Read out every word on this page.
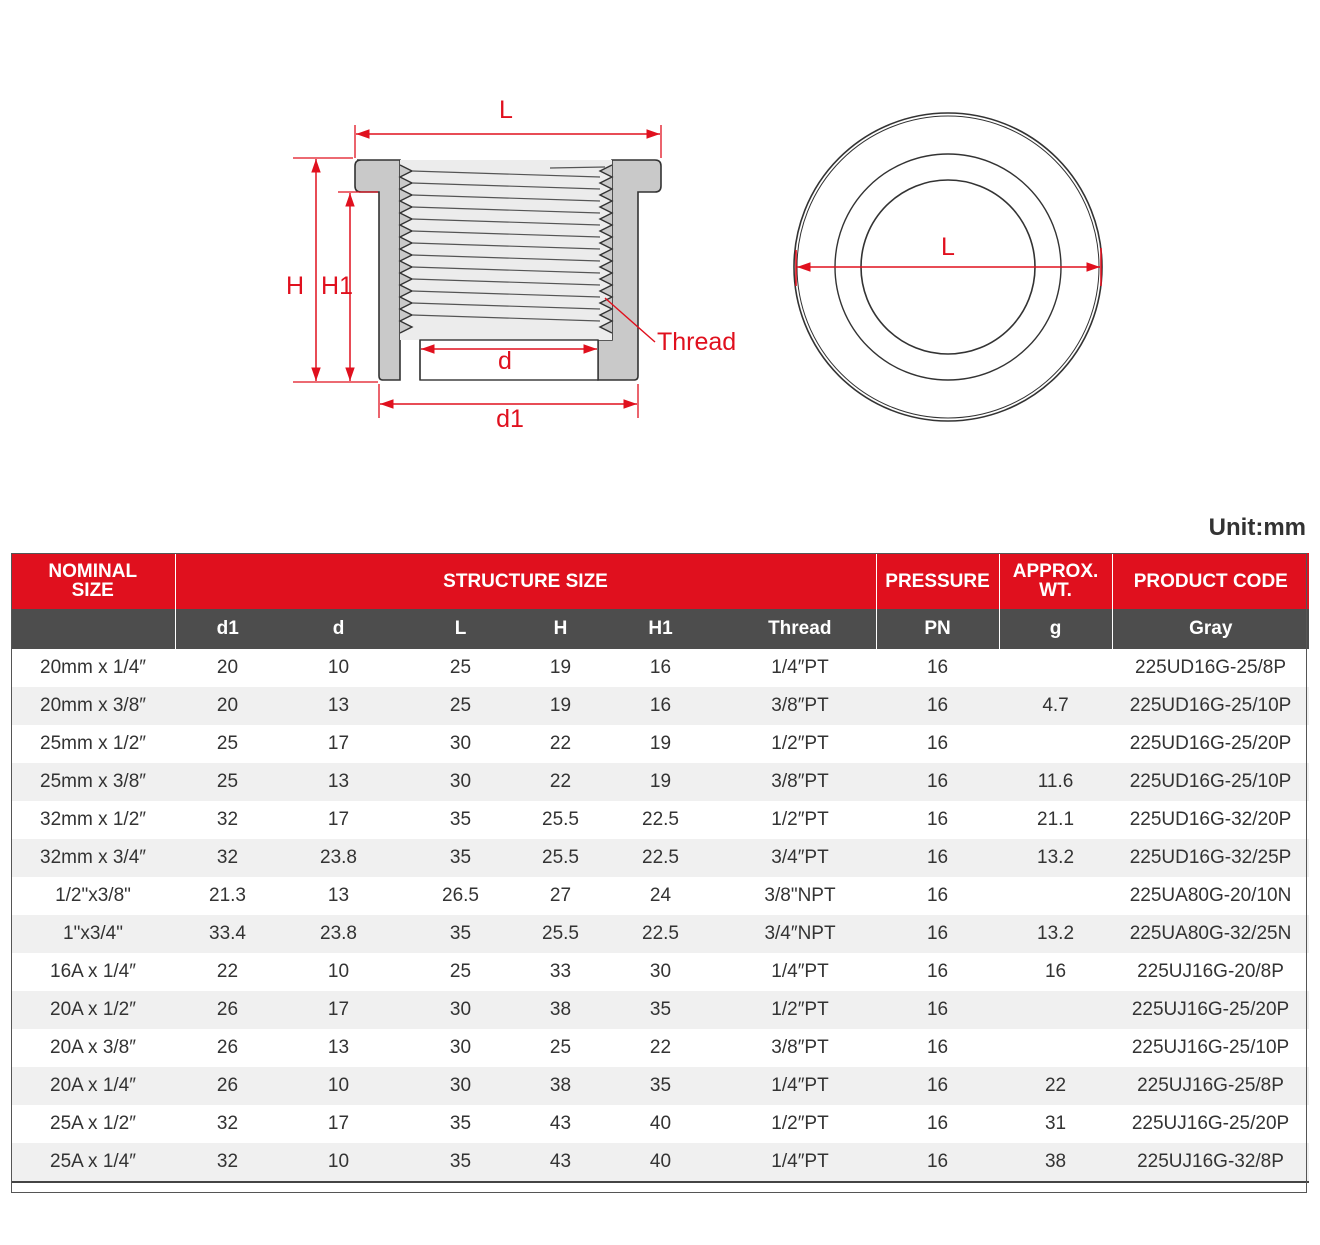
L
H H1
Thread
d
d1
L
Unit:mm
NOMINAL
SIZE	STRUCTURE SIZE						PRESSURE	APPROX.
WT.	PRODUCT CODE
	d1	d	L	H	H1	Thread	PN	g	Gray
20mm x 1/4″	20	10	25	19	16	1/4″PT	16		225UD16G-25/8P
20mm x 3/8″	20	13	25	19	16	3/8″PT	16	4.7	225UD16G-25/10P
25mm x 1/2″	25	17	30	22	19	1/2″PT	16		225UD16G-25/20P
25mm x 3/8″	25	13	30	22	19	3/8″PT	16	11.6	225UD16G-25/10P
32mm x 1/2″	32	17	35	25.5	22.5	1/2″PT	16	21.1	225UD16G-32/20P
32mm x 3/4″	32	23.8	35	25.5	22.5	3/4″PT	16	13.2	225UD16G-32/25P
1/2"x3/8"	21.3	13	26.5	27	24	3/8"NPT	16		225UA80G-20/10N
1"x3/4"	33.4	23.8	35	25.5	22.5	3/4″NPT	16	13.2	225UA80G-32/25N
16A x 1/4″	22	10	25	33	30	1/4″PT	16	16	225UJ16G-20/8P
20A x 1/2″	26	17	30	38	35	1/2″PT	16		225UJ16G-25/20P
20A x 3/8″	26	13	30	25	22	3/8″PT	16		225UJ16G-25/10P
20A x 1/4″	26	10	30	38	35	1/4″PT	16	22	225UJ16G-25/8P
25A x 1/2″	32	17	35	43	40	1/2″PT	16	31	225UJ16G-25/20P
25A x 1/4″	32	10	35	43	40	1/4″PT	16	38	225UJ16G-32/8P
